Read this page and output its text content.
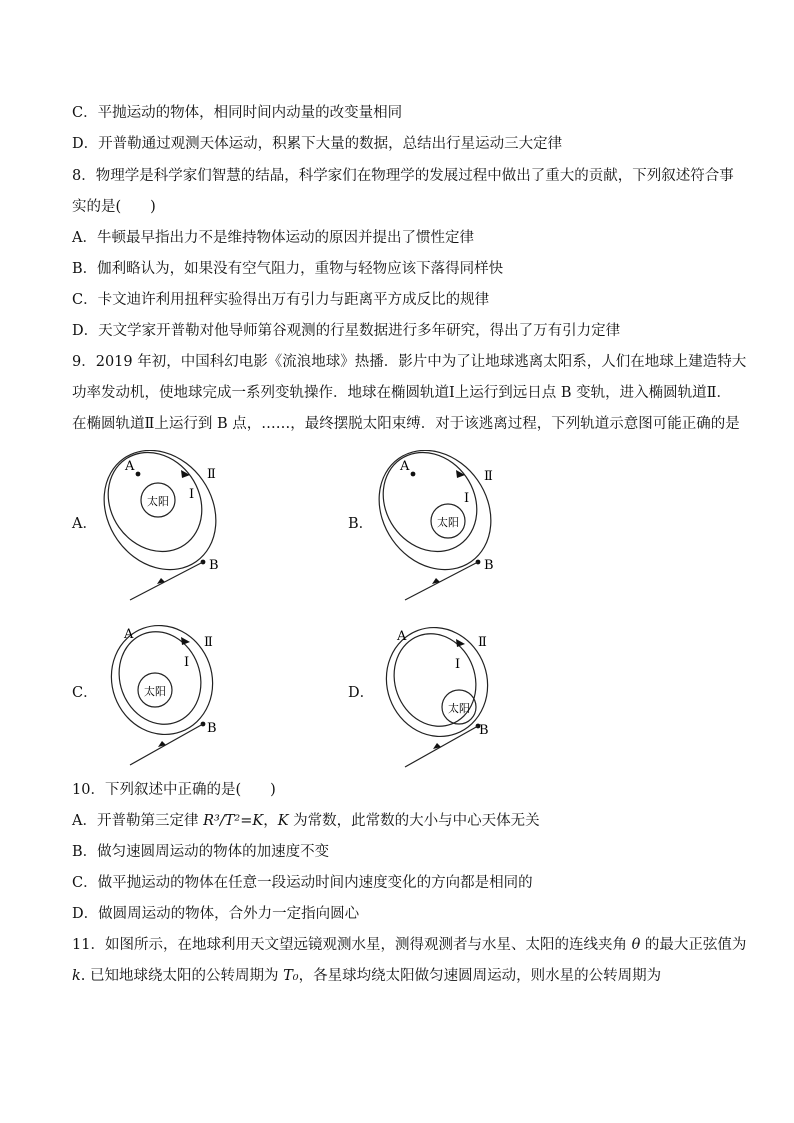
C．平抛运动的物体，相同时间内动量的改变量相同
D．开普勒通过观测天体运动，积累下大量的数据，总结出行星运动三大定律
8．物理学是科学家们智慧的结晶，科学家们在物理学的发展过程中做出了重大的贡献，下列叙述符合事
实的是(　　)
A．牛顿最早指出力不是维持物体运动的原因并提出了惯性定律
B．伽利略认为，如果没有空气阻力，重物与轻物应该下落得同样快
C．卡文迪许利用扭秤实验得出万有引力与距离平方成反比的规律
D．天文学家开普勒对他导师第谷观测的行星数据进行多年研究，得出了万有引力定律
9．2019 年初，中国科幻电影《流浪地球》热播．影片中为了让地球逃离太阳系，人们在地球上建造特大
功率发动机，使地球完成一系列变轨操作．地球在椭圆轨道Ⅰ上运行到远日点 B 变轨，进入椭圆轨道Ⅱ．
在椭圆轨道Ⅱ上运行到 B 点，……，最终摆脱太阳束缚．对于该逃离过程，下列轨道示意图可能正确的是
A．
太阳
A
B
I
Ⅱ
B．	太阳
A
B
I
Ⅱ
C．	太阳
A
B
I
Ⅱ
D．
太阳
A
B
I
Ⅱ
10．下列叙述中正确的是(　　)
A．开普勒第三定律 R³/T²=K，K 为常数，此常数的大小与中心天体无关
B．做匀速圆周运动的物体的加速度不变
C．做平抛运动的物体在任意一段运动时间内速度变化的方向都是相同的
D．做圆周运动的物体，合外力一定指向圆心
11．如图所示，在地球利用天文望远镜观测水星，测得观测者与水星、太阳的连线夹角 θ 的最大正弦值为
k. 已知地球绕太阳的公转周期为 T₀，各星球均绕太阳做匀速圆周运动，则水星的公转周期为
